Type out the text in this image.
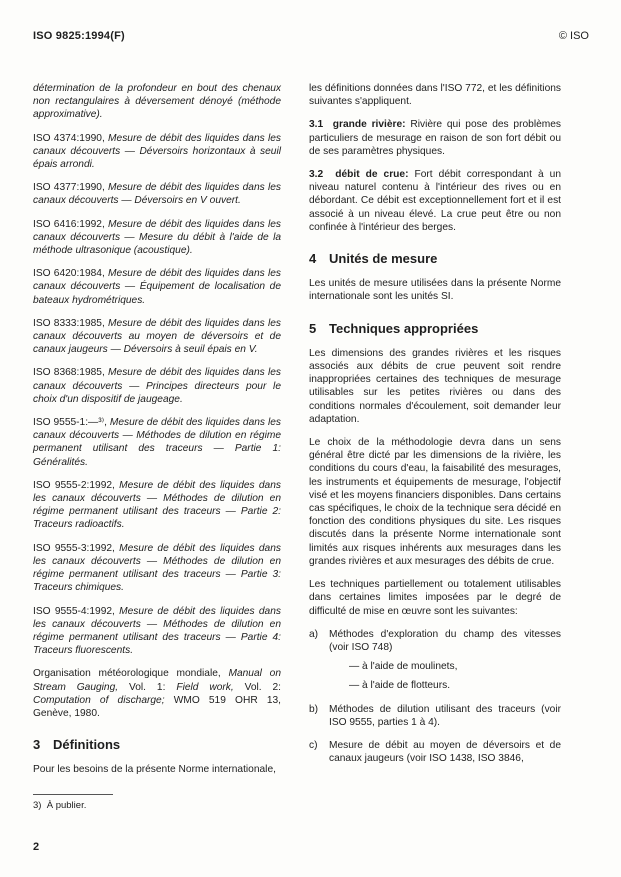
ISO 9825:1994(F)	© ISO

détermination de la profondeur en bout des chenaux non rectangulaires à déversement dénoyé (méthode approximative).

ISO 4374:1990, Mesure de débit des liquides dans les canaux découverts — Déversoirs horizontaux à seuil épais arrondi.

ISO 4377:1990, Mesure de débit des liquides dans les canaux découverts — Déversoirs en V ouvert.

ISO 6416:1992, Mesure de débit des liquides dans les canaux découverts — Mesure du débit à l'aide de la méthode ultrasonique (acoustique).

ISO 6420:1984, Mesure de débit des liquides dans les canaux découverts — Équipement de localisation de bateaux hydrométriques.

ISO 8333:1985, Mesure de débit des liquides dans les canaux découverts au moyen de déversoirs et de canaux jaugeurs — Déversoirs à seuil épais en V.

ISO 8368:1985, Mesure de débit des liquides dans les canaux découverts — Principes directeurs pour le choix d'un dispositif de jaugeage.

ISO 9555-1:—³⁾, Mesure de débit des liquides dans les canaux découverts — Méthodes de dilution en régime permanent utilisant des traceurs — Partie 1: Généralités.

ISO 9555-2:1992, Mesure de débit des liquides dans les canaux découverts — Méthodes de dilution en régime permanent utilisant des traceurs — Partie 2: Traceurs radioactifs.

ISO 9555-3:1992, Mesure de débit des liquides dans les canaux découverts — Méthodes de dilution en régime permanent utilisant des traceurs — Partie 3: Traceurs chimiques.

ISO 9555-4:1992, Mesure de débit des liquides dans les canaux découverts — Méthodes de dilution en régime permanent utilisant des traceurs — Partie 4: Traceurs fluorescents.

Organisation météorologique mondiale, Manual on Stream Gauging, Vol. 1: Field work, Vol. 2: Computation of discharge; WMO 519 OHR 13, Genève, 1980.

3 Définitions

Pour les besoins de la présente Norme internationale,

les définitions données dans l'ISO 772, et les définitions suivantes s'appliquent.

3.1 grande rivière: Rivière qui pose des problèmes particuliers de mesurage en raison de son fort débit ou de ses paramètres physiques.

3.2 débit de crue: Fort débit correspondant à un niveau naturel contenu à l'intérieur des rives ou en débordant. Ce débit est exceptionnellement fort et il est associé à un niveau élevé. La crue peut être ou non confinée à l'intérieur des berges.

4 Unités de mesure

Les unités de mesure utilisées dans la présente Norme internationale sont les unités SI.

5 Techniques appropriées

Les dimensions des grandes rivières et les risques associés aux débits de crue peuvent soit rendre inappropriées certaines des techniques de mesurage utilisables sur les petites rivières ou dans des conditions normales d'écoulement, soit demander leur adaptation.

Le choix de la méthodologie devra dans un sens général être dicté par les dimensions de la rivière, les conditions du cours d'eau, la faisabilité des mesurages, les instruments et équipements de mesurage, l'objectif visé et les moyens financiers disponibles. Dans certains cas spécifiques, le choix de la technique sera décidé en fonction des conditions physiques du site. Les risques discutés dans la présente Norme internationale sont limités aux risques inhérents aux mesurages dans les grandes rivières et aux mesurages des débits de crue.

Les techniques partiellement ou totalement utilisables dans certaines limites imposées par le degré de difficulté de mise en œuvre sont les suivantes:

a) Méthodes d'exploration du champ des vitesses (voir ISO 748)
— à l'aide de moulinets,
— à l'aide de flotteurs.
b) Méthodes de dilution utilisant des traceurs (voir ISO 9555, parties 1 à 4).
c) Mesure de débit au moyen de déversoirs et de canaux jaugeurs (voir ISO 1438, ISO 3846,
3) À publier.
2
